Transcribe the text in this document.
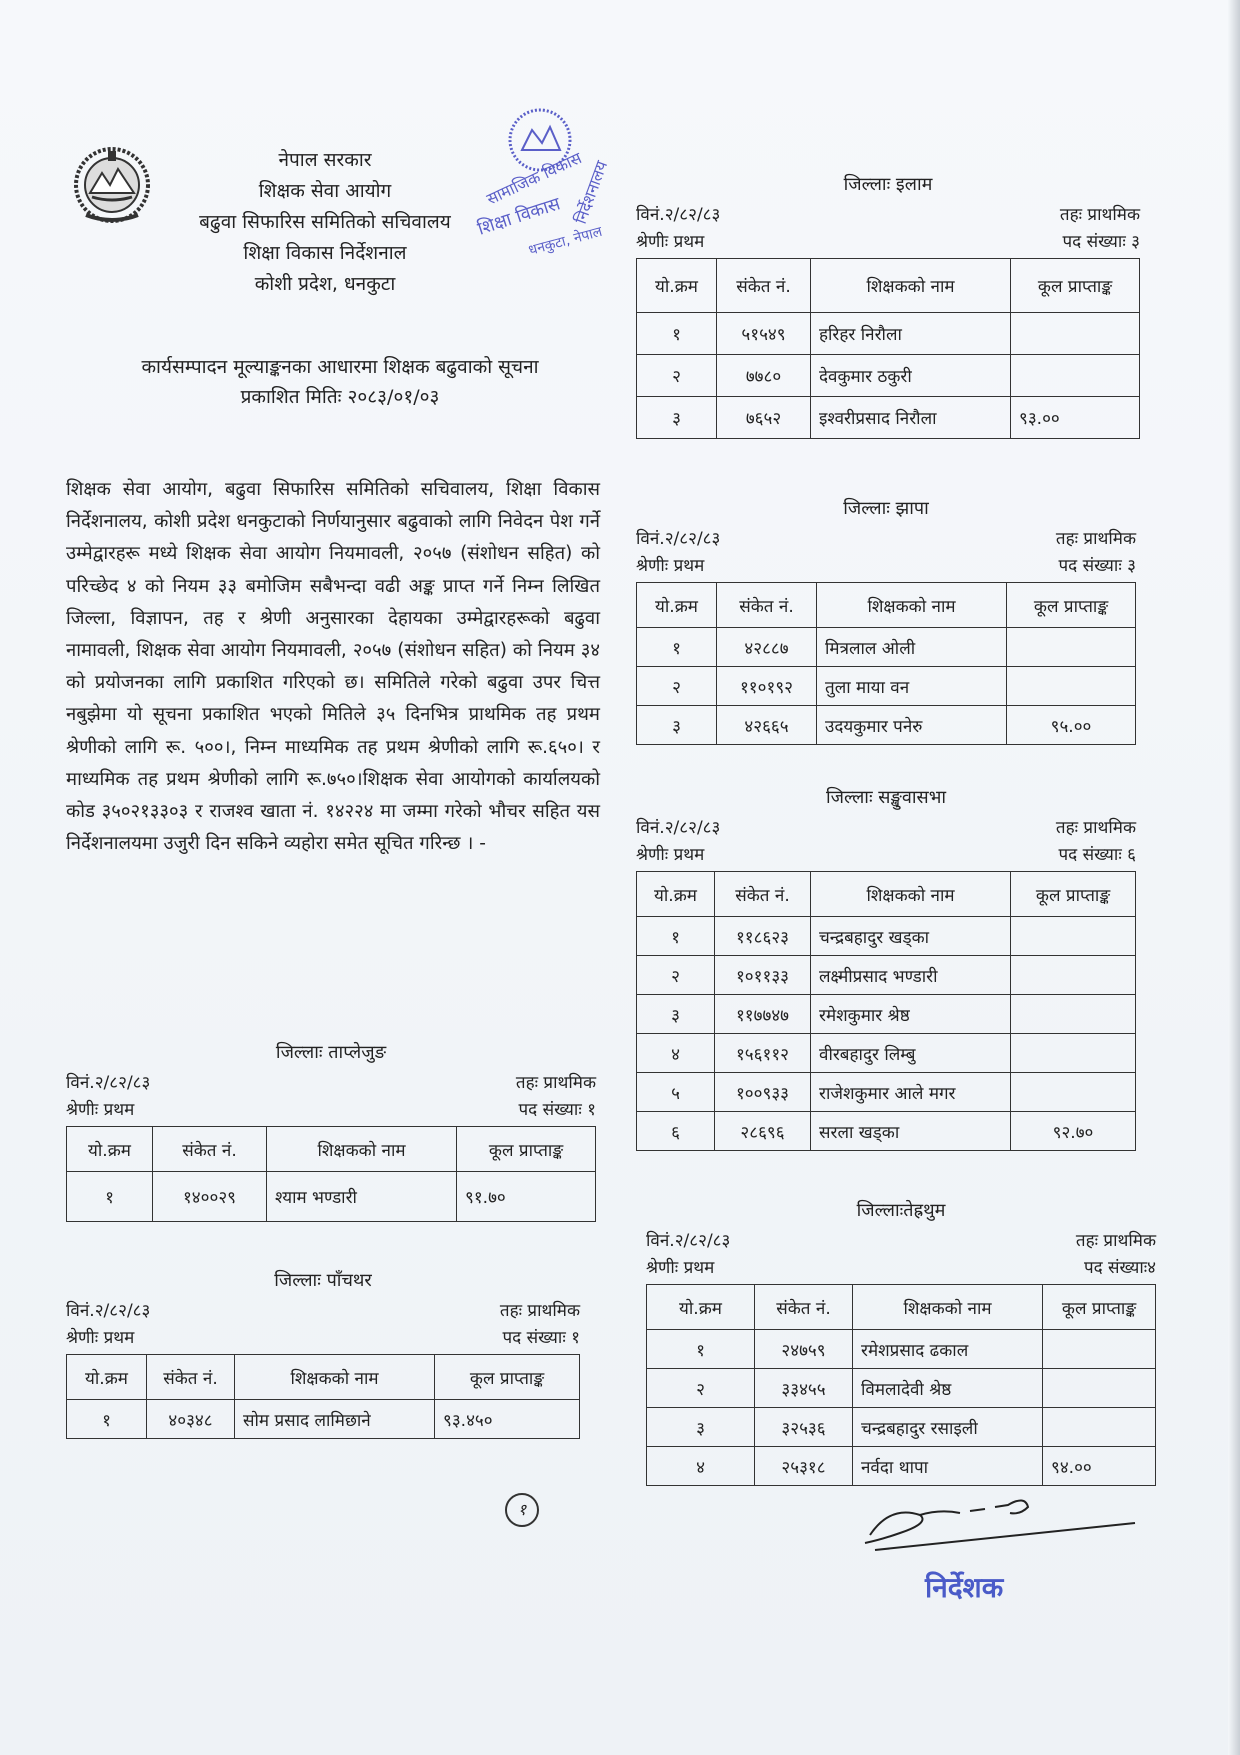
सामाजिक विकास
शिक्षा विकास निर्देशनालय
धनकुटा, नेपाल
नेपाल सरकार
शिक्षक सेवा आयोग
बढुवा सिफारिस समितिको सचिवालय
शिक्षा विकास निर्देशनाल
कोशी प्रदेश, धनकुटा
कार्यसम्पादन मूल्याङ्कनका आधारमा शिक्षक बढुवाको सूचना
प्रकाशित मितिः २०८३/०१/०३
शिक्षक सेवा आयोग, बढुवा सिफारिस समितिको सचिवालय, शिक्षा विकास निर्देशनालय, कोशी प्रदेश धनकुटाको निर्णयानुसार बढुवाको लागि निवेदन पेश गर्ने उम्मेद्वारहरू मध्ये शिक्षक सेवा आयोग नियमावली, २०५७ (संशोधन सहित) को परिच्छेद ४ को नियम ३३ बमोजिम सबैभन्दा वढी अङ्क प्राप्त गर्ने निम्न लिखित जिल्ला, विज्ञापन, तह र श्रेणी अनुसारका देहायका उम्मेद्वारहरूको बढुवा नामावली, शिक्षक सेवा आयोग नियमावली, २०५७ (संशोधन सहित) को नियम ३४ को प्रयोजनका लागि प्रकाशित गरिएको छ। समितिले गरेको बढुवा उपर चित्त नबुझेमा यो सूचना प्रकाशित भएको मितिले ३५ दिनभित्र प्राथमिक तह प्रथम श्रेणीको लागि रू. ५००।, निम्न माध्यमिक तह प्रथम श्रेणीको लागि रू.६५०। र माध्यमिक तह प्रथम श्रेणीको लागि रू.७५०।शिक्षक सेवा आयोगको कार्यालयको कोड ३५०२१३३०३ र राजश्व खाता नं. १४२२४ मा जम्मा गरेको भौचर सहित यस निर्देशनालयमा उजुरी दिन सकिने व्यहोरा समेत सूचित गरिन्छ । -
जिल्लाः ताप्लेजुङ
विनं.२/८२/८३	तहः प्राथमिक
श्रेणीः प्रथम	पद संख्याः १
यो.क्रम	संकेत नं.	शिक्षकको नाम	कूल प्राप्ताङ्क
१	१४००२९	श्याम भण्डारी	९१.७०
जिल्लाः पाँचथर
विनं.२/८२/८३	तहः प्राथमिक
श्रेणीः प्रथम	पद संख्याः १
यो.क्रम	संकेत नं.	शिक्षकको नाम	कूल प्राप्ताङ्क
१	४०३४८	सोम प्रसाद लामिछाने	९३.४५०
जिल्लाः इलाम
विनं.२/८२/८३	तहः प्राथमिक
श्रेणीः प्रथम	पद संख्याः ३
यो.क्रम	संकेत नं.	शिक्षकको नाम	कूल प्राप्ताङ्क
१	५१५४९	हरिहर निरौला	
२	७७८०	देवकुमार ठकुरी	
३	७६५२	इश्वरीप्रसाद निरौला	९३.००
जिल्लाः झापा
विनं.२/८२/८३	तहः प्राथमिक
श्रेणीः प्रथम	पद संख्याः ३
यो.क्रम	संकेत नं.	शिक्षकको नाम	कूल प्राप्ताङ्क
१	४२८८७	मित्रलाल ओली	
२	११०१९२	तुला माया वन	
३	४२६६५	उदयकुमार पनेरु	९५.००
जिल्लाः सङ्खुवासभा
विनं.२/८२/८३	तहः प्राथमिक
श्रेणीः प्रथम	पद संख्याः ६
यो.क्रम	संकेत नं.	शिक्षकको नाम	कूल प्राप्ताङ्क
१	११८६२३	चन्द्रबहादुर खड्का	
२	१०११३३	लक्ष्मीप्रसाद भण्डारी	
३	११७७४७	रमेशकुमार श्रेष्ठ	
४	१५६११२	वीरबहादुर लिम्बु	
५	१००९३३	राजेशकुमार आले मगर	
६	२८६९६	सरला खड्का	९२.७०
जिल्लाःतेह्रथुम
विनं.२/८२/८३	तहः प्राथमिक
श्रेणीः प्रथम	पद संख्याः४
यो.क्रम	संकेत नं.	शिक्षकको नाम	कूल प्राप्ताङ्क
१	२४७५९	रमेशप्रसाद ढकाल	
२	३३४५५	विमलादेवी श्रेष्ठ	
३	३२५३६	चन्द्रबहादुर रसाइली	
४	२५३१८	नर्वदा थापा	९४.००
१
निर्देशक
